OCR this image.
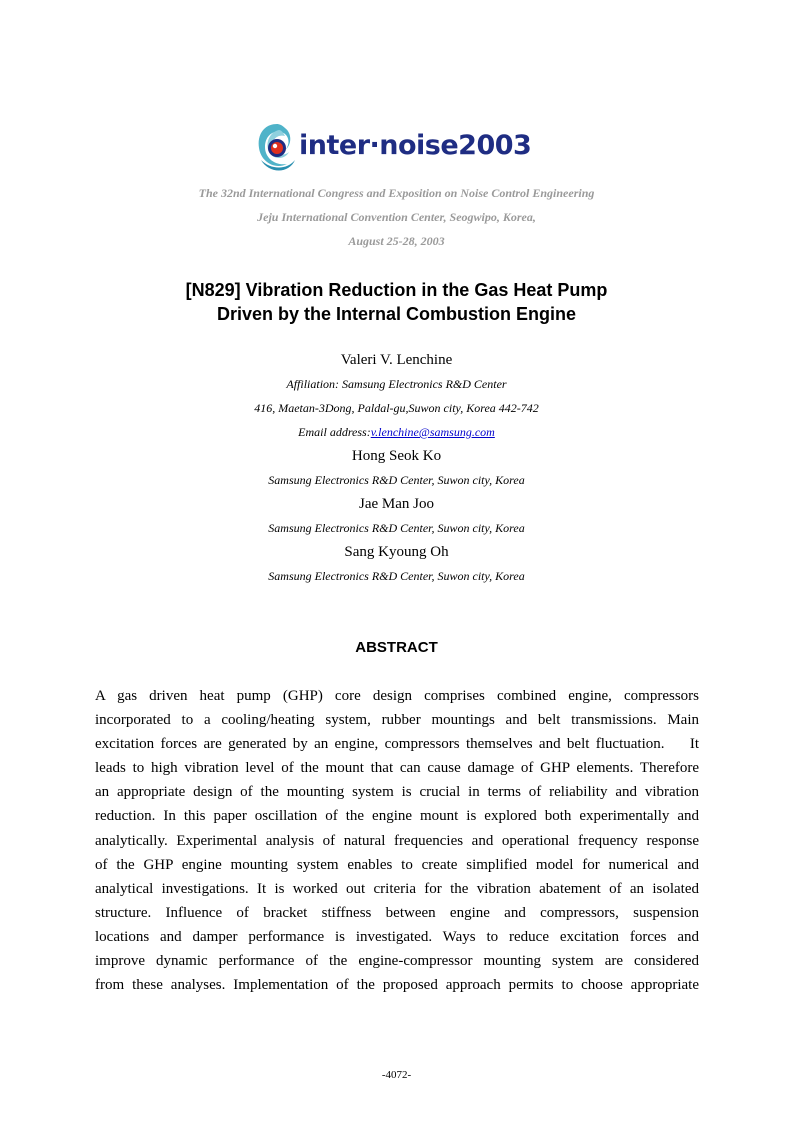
inter·noise2003
The 32nd International Congress and Exposition on Noise Control Engineering
Jeju International Convention Center, Seogwipo, Korea,
August 25-28, 2003
[N829] Vibration Reduction in the Gas Heat Pump
Driven by the Internal Combustion Engine
Valeri V. Lenchine
Affiliation: Samsung Electronics R&D Center
416, Maetan-3Dong, Paldal-gu,Suwon city, Korea 442-742
Email address:v.lenchine@samsung.com
Hong Seok Ko
Samsung Electronics R&D Center, Suwon city, Korea
Jae Man Joo
Samsung Electronics R&D Center, Suwon city, Korea
Sang Kyoung Oh
Samsung Electronics R&D Center, Suwon city, Korea
ABSTRACT
A gas driven heat pump (GHP) core design comprises combined engine, compressors
incorporated to a cooling/heating system, rubber mountings and belt transmissions. Main
excitation forces are generated by an engine, compressors themselves and belt fluctuation.    It
leads to high vibration level of the mount that can cause damage of GHP elements. Therefore
an appropriate design of the mounting system is crucial in terms of reliability and vibration
reduction. In this paper oscillation of the engine mount is explored both experimentally and
analytically. Experimental analysis of natural frequencies and operational frequency response
of the GHP engine mounting system enables to create simplified model for numerical and
analytical investigations. It is worked out criteria for the vibration abatement of an isolated
structure. Influence of bracket stiffness between engine and compressors, suspension
locations and damper performance is investigated. Ways to reduce excitation forces and
improve dynamic performance of the engine-compressor mounting system are considered
from these analyses. Implementation of the proposed approach permits to choose appropriate
-4072-
